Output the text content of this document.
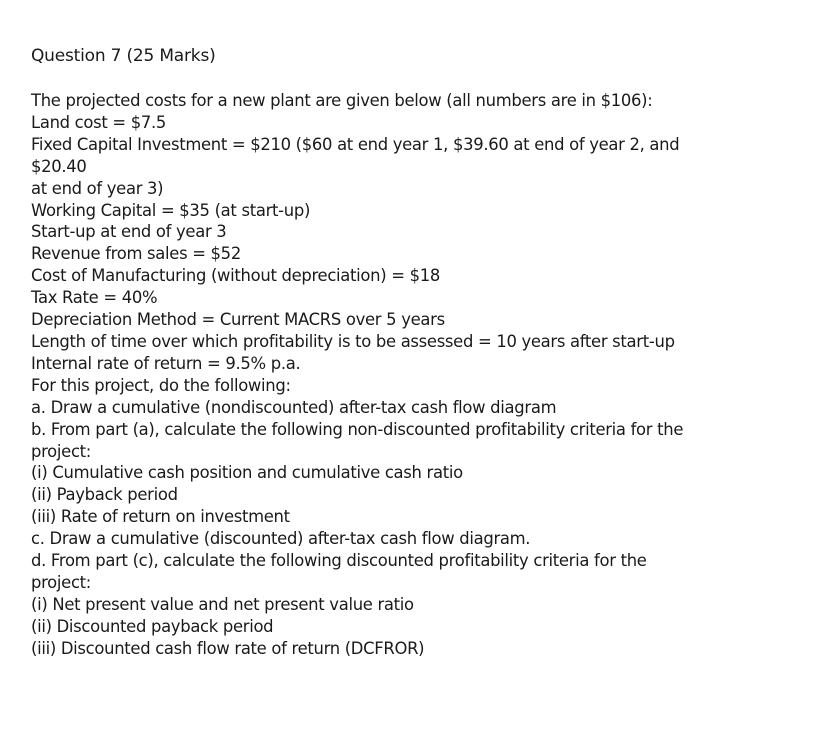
Question 7 (25 Marks)
The projected costs for a new plant are given below (all numbers are in $106):
Land cost = $7.5
Fixed Capital Investment = $210 ($60 at end year 1, $39.60 at end of year 2, and
$20.40
at end of year 3)
Working Capital = $35 (at start-up)
Start-up at end of year 3
Revenue from sales = $52
Cost of Manufacturing (without depreciation) = $18
Tax Rate = 40%
Depreciation Method = Current MACRS over 5 years
Length of time over which profitability is to be assessed = 10 years after start-up
Internal rate of return = 9.5% p.a.
For this project, do the following:
a. Draw a cumulative (nondiscounted) after-tax cash flow diagram
b. From part (a), calculate the following non-discounted profitability criteria for the
project:
(i) Cumulative cash position and cumulative cash ratio
(ii) Payback period
(iii) Rate of return on investment
c. Draw a cumulative (discounted) after-tax cash flow diagram.
d. From part (c), calculate the following discounted profitability criteria for the
project:
(i) Net present value and net present value ratio
(ii) Discounted payback period
(iii) Discounted cash flow rate of return (DCFROR)
